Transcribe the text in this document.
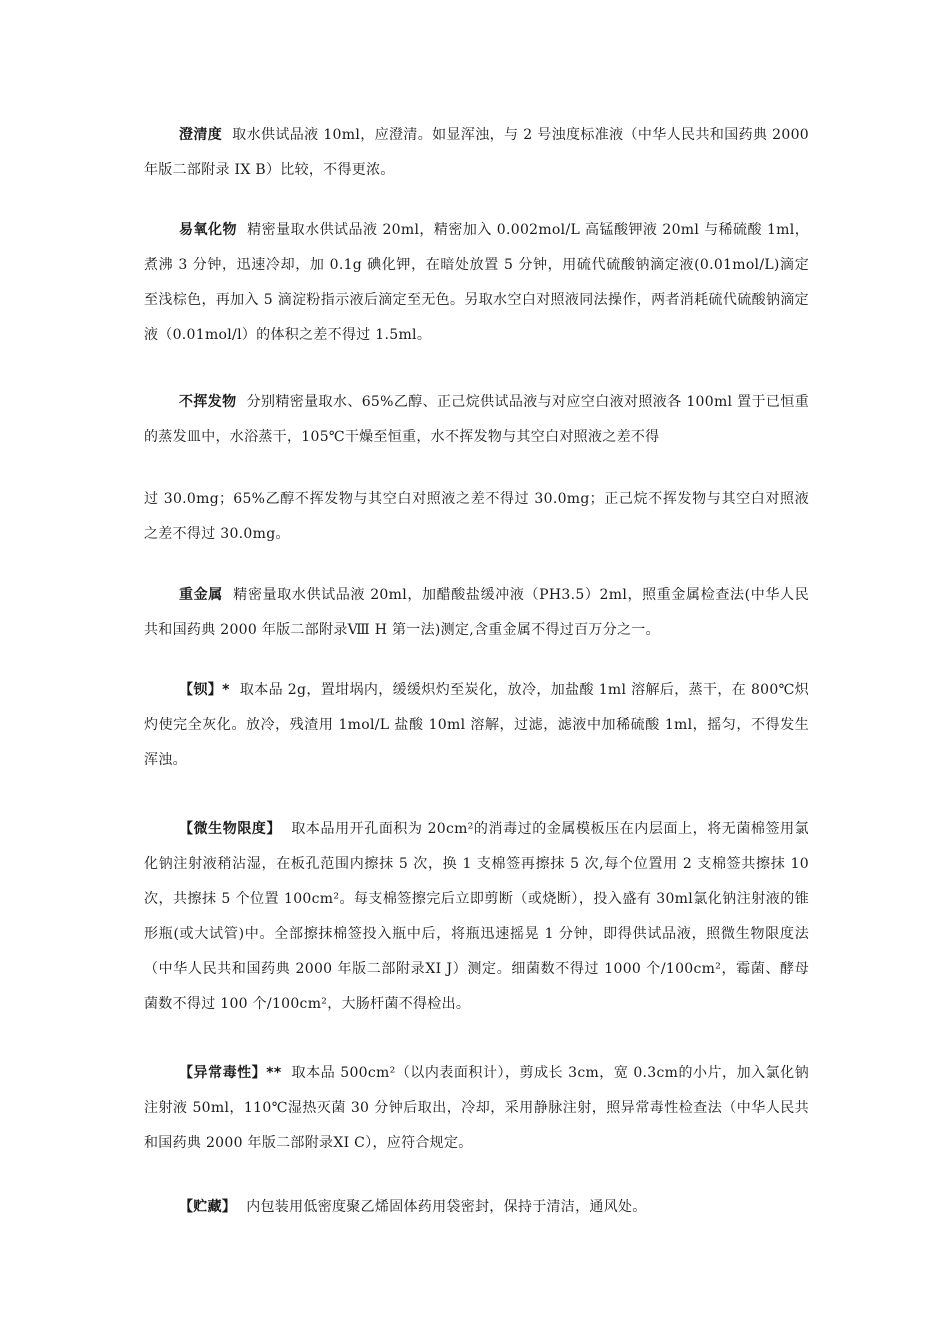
澄清度 取水供试品液 10ml，应澄清。如显浑浊，与 2 号浊度标准液（中华人民共和国药典 2000 年版二部附录 IX B）比较，不得更浓。

易氧化物 精密量取水供试品液 20ml，精密加入 0.002mol/L 高锰酸钾液 20ml 与稀硫酸 1ml，煮沸 3 分钟，迅速冷却，加 0.1g 碘化钾，在暗处放置 5 分钟，用硫代硫酸钠滴定液(0.01mol/L)滴定至浅棕色，再加入 5 滴淀粉指示液后滴定至无色。另取水空白对照液同法操作，两者消耗硫代硫酸钠滴定液（0.01mol/l）的体积之差不得过 1.5ml。

不挥发物 分别精密量取水、65%乙醇、正己烷供试品液与对应空白液对照液各 100ml 置于已恒重的蒸发皿中，水浴蒸干，105℃干燥至恒重，水不挥发物与其空白对照液之差不得

过 30.0mg；65%乙醇不挥发物与其空白对照液之差不得过 30.0mg；正己烷不挥发物与其空白对照液之差不得过 30.0mg。

重金属 精密量取水供试品液 20ml，加醋酸盐缓冲液（PH3.5）2ml，照重金属检查法(中华人民共和国药典 2000 年版二部附录Ⅷ H 第一法)测定,含重金属不得过百万分之一。

【钡】* 取本品 2g，置坩埚内，缓缓炽灼至炭化，放冷，加盐酸 1ml 溶解后，蒸干，在 800℃炽灼使完全灰化。放冷，残渣用 1mol/L 盐酸 10ml 溶解，过滤，滤液中加稀硫酸 1ml，摇匀，不得发生浑浊。

【微生物限度】 取本品用开孔面积为 20cm²的消毒过的金属模板压在内层面上，将无菌棉签用氯化钠注射液稍沾湿，在板孔范围内擦抹 5 次，换 1 支棉签再擦抹 5 次,每个位置用 2 支棉签共擦抹 10 次，共擦抹 5 个位置 100cm²。每支棉签擦完后立即剪断（或烧断），投入盛有 30ml氯化钠注射液的锥形瓶(或大试管)中。全部擦抹棉签投入瓶中后，将瓶迅速摇晃 1 分钟，即得供试品液，照微生物限度法（中华人民共和国药典 2000 年版二部附录XI J）测定。细菌数不得过 1000 个/100cm²，霉菌、酵母菌数不得过 100 个/100cm²，大肠杆菌不得检出。

【异常毒性】** 取本品 500cm²（以内表面积计），剪成长 3cm，宽 0.3cm的小片，加入氯化钠注射液 50ml，110℃湿热灭菌 30 分钟后取出，冷却，采用静脉注射，照异常毒性检查法（中华人民共和国药典 2000 年版二部附录XI C），应符合规定。

【贮藏】 内包装用低密度聚乙烯固体药用袋密封，保持于清洁，通风处。
